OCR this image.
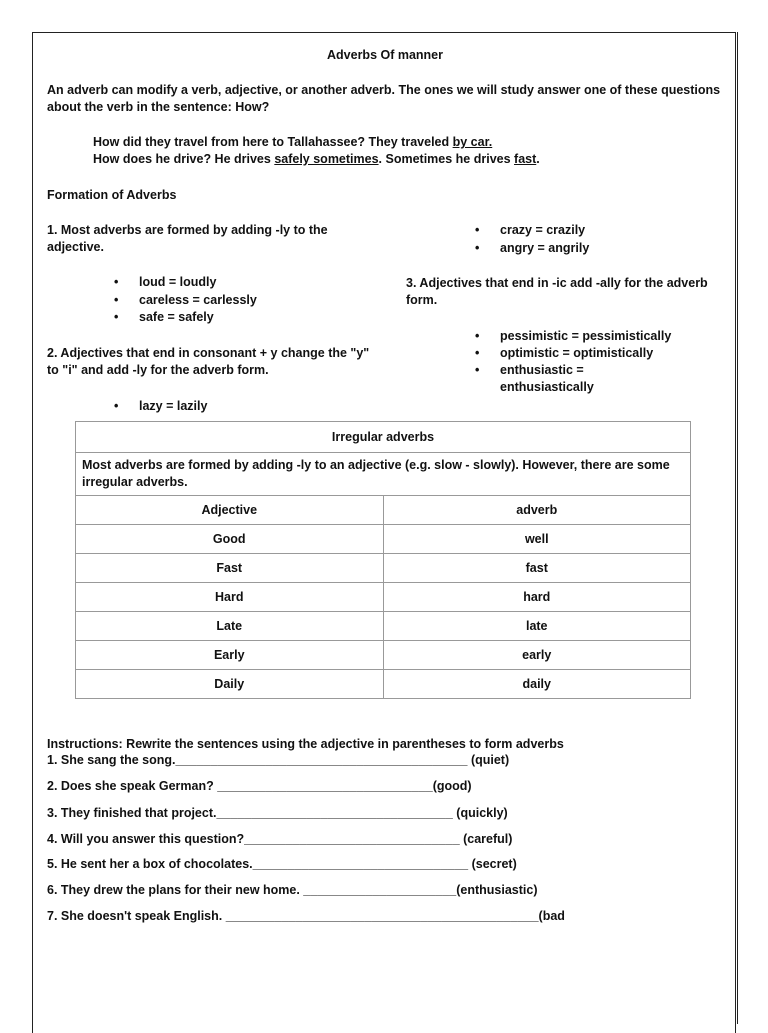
Adverbs Of manner
An adverb can modify a verb, adjective, or another adverb. The ones we will study answer one of these questions
about the verb in the sentence: How?
How did they travel from here to Tallahassee? They traveled by car.
How does he drive? He drives safely sometimes. Sometimes he drives fast.
Formation of Adverbs
1. Most adverbs are formed by adding -ly to the
adjective.
• loud = loudly
• careless = carlessly
• safe = safely
2. Adjectives that end in consonant + y change the "y"
to "i" and add -ly for the adverb form.
• lazy = lazily
• crazy = crazily
• angry = angrily
3. Adjectives that end in -ic add -ally for the adverb
form.
• pessimistic = pessimistically
• optimistic = optimistically
• enthusiastic =
enthusiastically
Irregular adverbs	
Most adverbs are formed by adding -ly to an adjective (e.g. slow - slowly). However, there are some
irregular adverbs.	
Adjective	adverb
Good	well
Fast	fast
Hard	hard
Late	late
Early	early
Daily	daily
Instructions: Rewrite the sentences using the adjective in parentheses to form adverbs
1. She sang the song.__________________________________________ (quiet)
2. Does she speak German? _______________________________(good)
3. They finished that project.__________________________________ (quickly)
4. Will you answer this question?_______________________________ (careful)
5. He sent her a box of chocolates._______________________________ (secret)
6. They drew the plans for their new home. ______________________(enthusiastic)
7. She doesn't speak English. _____________________________________________(bad
